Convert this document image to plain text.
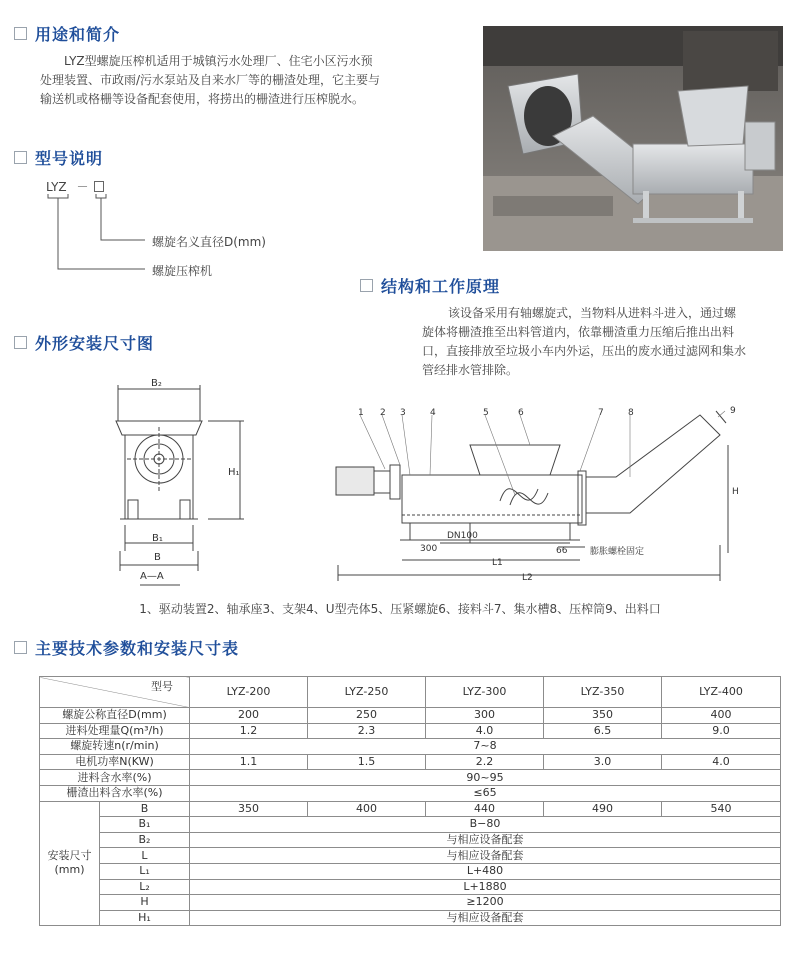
用途和简介
LYZ型螺旋压榨机适用于城镇污水处理厂、住宅小区污水预
处理装置、市政雨/污水泵站及自来水厂等的栅渣处理，它主要与
输送机或格栅等设备配套使用，将捞出的栅渣进行压榨脱水。
型号说明
LYZ －
螺旋名义直径D(mm)
螺旋压榨机
结构和工作原理
该设备采用有轴螺旋式，当物料从进料斗进入，通过螺
旋体将栅渣推至出料管道内，依靠栅渣重力压缩后推出出料
口，直接排放至垃圾小车内外运，压出的废水通过滤网和集水
管经排水管排除。
外形安装尺寸图
B₂
H₁
B₁
B
A—A
1 2 3	4	5	6	7	8	9
H
300
DN100
66	膨胀螺栓固定
L1
L2
1、驱动装置2、轴承座3、支架4、U型壳体5、压紧螺旋6、接料斗7、集水槽8、压榨筒9、出料口
主要技术参数和安装尺寸表
型号		LYZ-200	LYZ-250	LYZ-300	LYZ-350	LYZ-400
螺旋公称直径D(mm)		200	250	300	350	400
进料处理量Q(m³/h)		1.2	2.3	4.0	6.5	9.0
螺旋转速n(r/min)		7~8				
电机功率N(KW)		1.1	1.5	2.2	3.0	4.0
进料含水率(%)		90~95				
栅渣出料含水率(%)		≤65				

安装尺寸
(mm)	B	350	400	440	490	540
	B₁	B−80				
	B₂	与相应设备配套				
	L	与相应设备配套				
	L₁	L+480				
	L₂	L+1880				
	H	≥1200				
	H₁	与相应设备配套				
